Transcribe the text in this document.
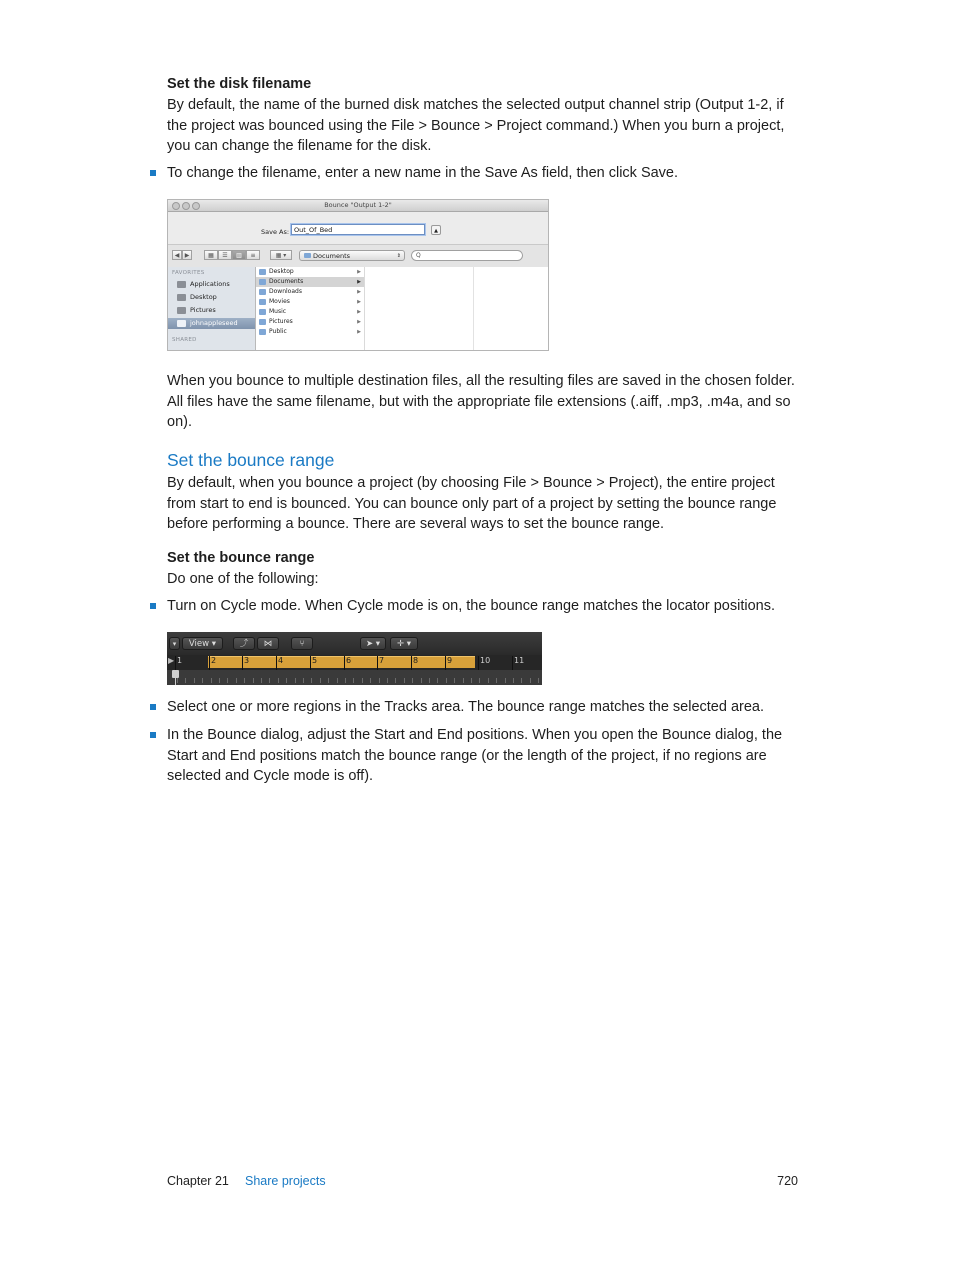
Set the disk filename
By default, the name of the burned disk matches the selected output channel strip (Output 1-2, if the project was bounced using the File > Bounce > Project command.) When you burn a project, you can change the filename for the disk.
To change the filename, enter a new name in the Save As field, then click Save.
Bounce "Output 1-2"
Save As: Out_Of_Bed	▲
◀ ▶	▦	☰	▥	≡	▦ ▾	Documents	⇕	Q
FAVORITES
Applications
Desktop
Pictures
johnappleseed
SHARED
Desktop	▶
Documents	▶
Downloads	▶
Movies	▶
Music	▶
Pictures	▶
Public	▶
When you bounce to multiple destination files, all the resulting files are saved in the chosen folder. All files have the same filename, but with the appropriate file extensions (.aiff, .mp3, .m4a, and so on).
Set the bounce range
By default, when you bounce a project (by choosing File > Bounce > Project), the entire project from start to end is bounced. You can bounce only part of a project by setting the bounce range before performing a bounce. There are several ways to set the bounce range.
Set the bounce range
Do one of the following:
Turn on Cycle mode. When Cycle mode is on, the bounce range matches the locator positions.
▾	View ▾	⤴	⋈	⑂	➤ ▾	✛ ▾
▶ 1	2	3	4	5	6	7	8	9	10	11
Select one or more regions in the Tracks area. The bounce range matches the selected area.
In the Bounce dialog, adjust the Start and End positions. When you open the Bounce dialog, the Start and End positions match the bounce range (or the length of the project, if no regions are selected and Cycle mode is off).
Chapter 21 Share projects	720
